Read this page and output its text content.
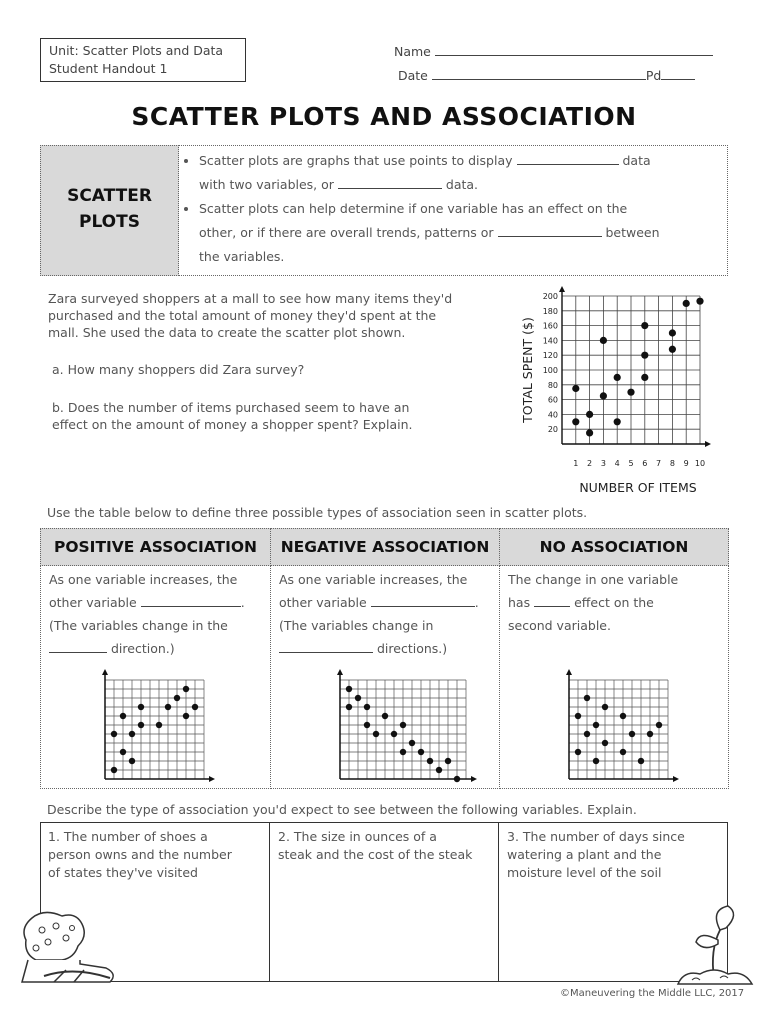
Unit: Scatter Plots and Data
Student Handout 1
Name
Date	Pd
SCATTER PLOTS AND ASSOCIATION
SCATTER
PLOTS
• Scatter plots are graphs that use points to display	data
with two variables, or	data.
• Scatter plots can help determine if one variable has an effect on the
other, or if there are overall trends, patterns or	between
the variables.
Zara surveyed shoppers at a mall to see how many items they'd
purchased and the total amount of money they'd spent at the
mall. She used the data to create the scatter plot shown.
a. How many shoppers did Zara survey?
b. Does the number of items purchased seem to have an
effect on the amount of money a shopper spent? Explain.	20
40
60
80
100
120
140
160
180
200
1 2 3 4 5 6 7 8 9 10
TOTAL SPENT ($)
NUMBER OF ITEMS
Use the table below to define three possible types of association seen in scatter plots.
POSITIVE ASSOCIATION
As one variable increases, the
other variable	.
(The variables change in the
direction.)
NEGATIVE ASSOCIATION
As one variable increases, the
other variable	.
(The variables change in
directions.)
NO ASSOCIATION
The change in one variable
has	effect on the
second variable.
Describe the type of association you'd expect to see between the following variables. Explain.
1. The number of shoes a
person owns and the number
of states they've visited
2. The size in ounces of a
steak and the cost of the steak
3. The number of days since
watering a plant and the
moisture level of the soil
©Maneuvering the Middle LLC, 2017
